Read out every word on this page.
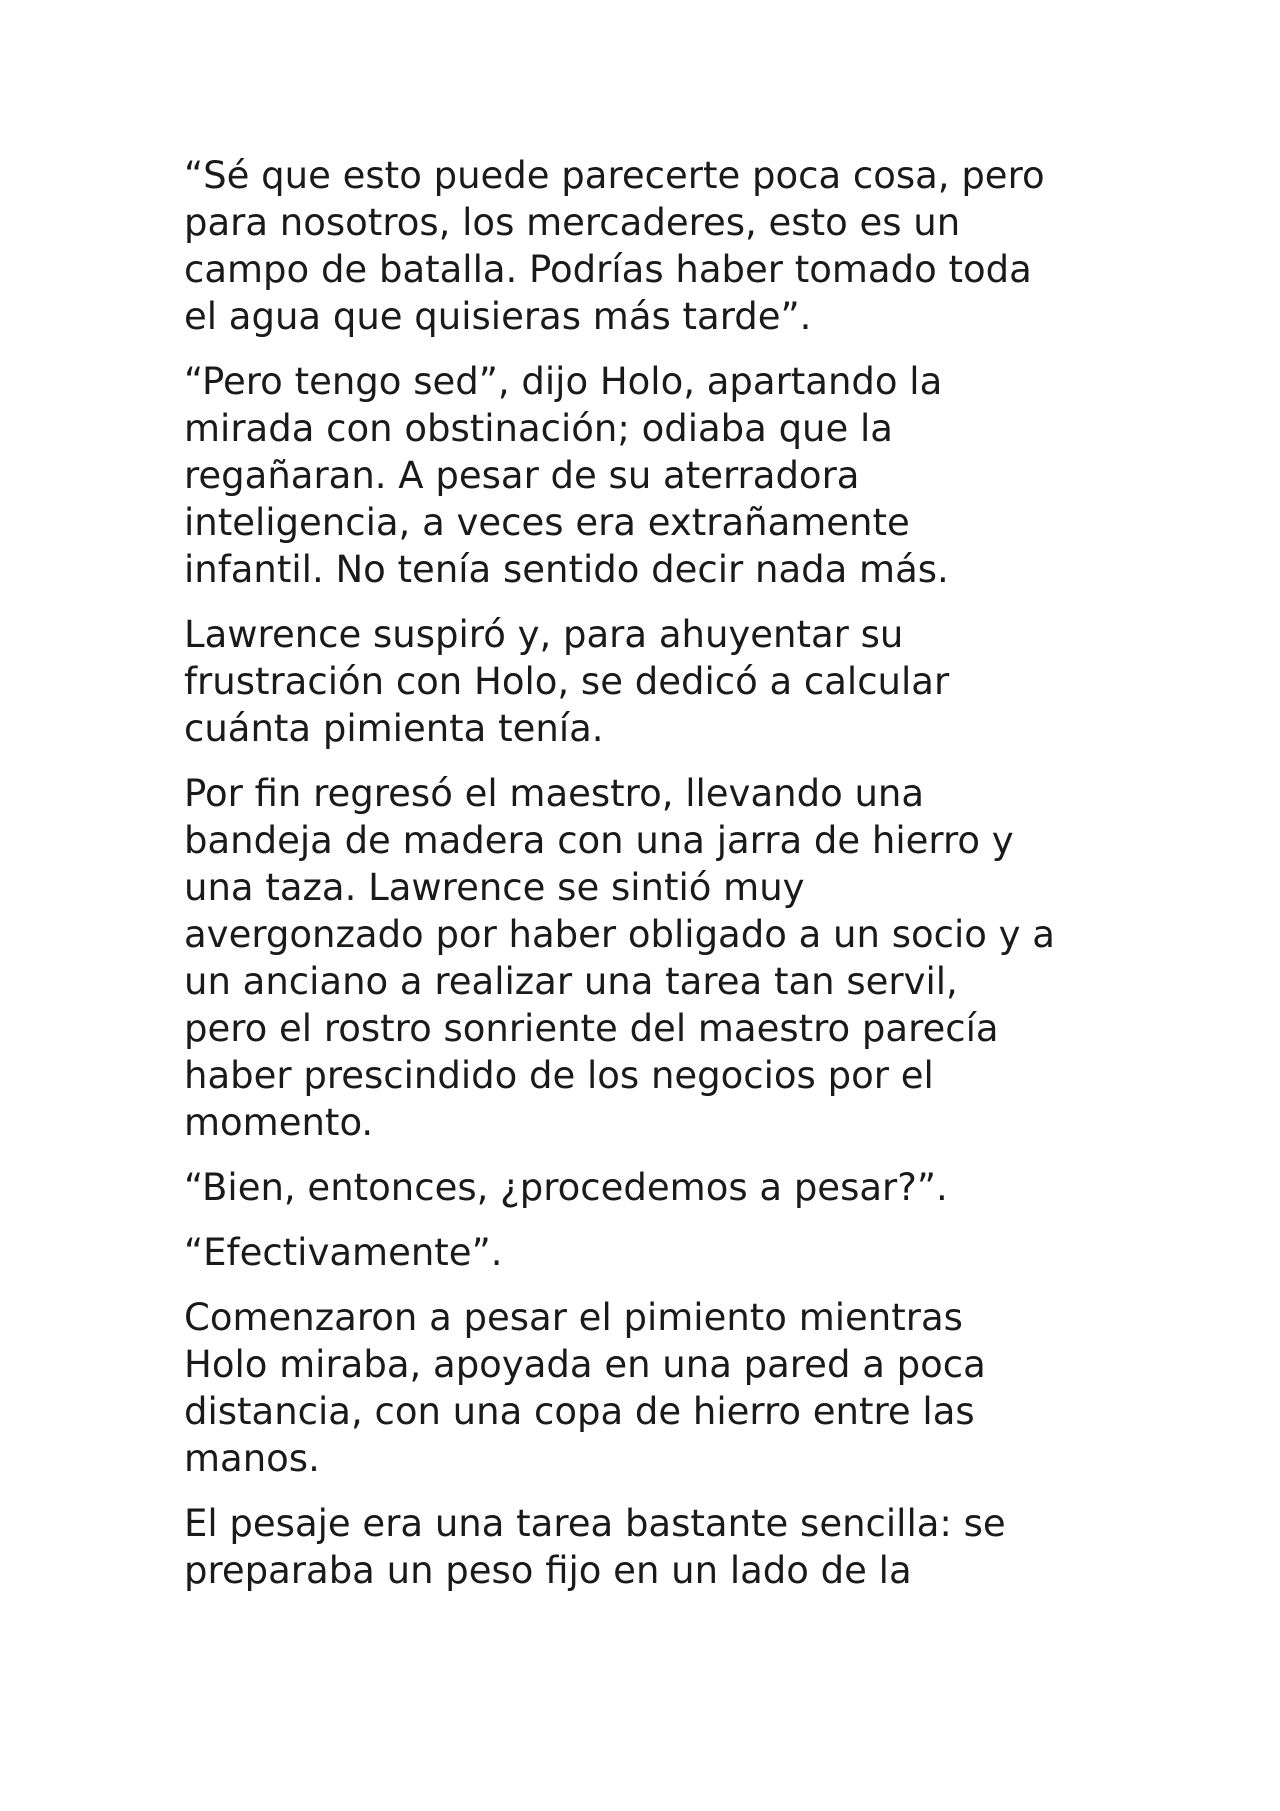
“Sé que esto puede parecerte poca cosa, pero
para nosotros, los mercaderes, esto es un
campo de batalla. Podrías haber tomado toda
el agua que quisieras más tarde”.

“Pero tengo sed”, dijo Holo, apartando la
mirada con obstinación; odiaba que la
regañaran. A pesar de su aterradora
inteligencia, a veces era extrañamente
infantil. No tenía sentido decir nada más.

Lawrence suspiró y, para ahuyentar su
frustración con Holo, se dedicó a calcular
cuánta pimienta tenía.

Por fin regresó el maestro, llevando una
bandeja de madera con una jarra de hierro y
una taza. Lawrence se sintió muy
avergonzado por haber obligado a un socio y a
un anciano a realizar una tarea tan servil,
pero el rostro sonriente del maestro parecía
haber prescindido de los negocios por el
momento.

“Bien, entonces, ¿procedemos a pesar?”.

“Efectivamente”.

Comenzaron a pesar el pimiento mientras
Holo miraba, apoyada en una pared a poca
distancia, con una copa de hierro entre las
manos.

El pesaje era una tarea bastante sencilla: se
preparaba un peso fijo en un lado de la
